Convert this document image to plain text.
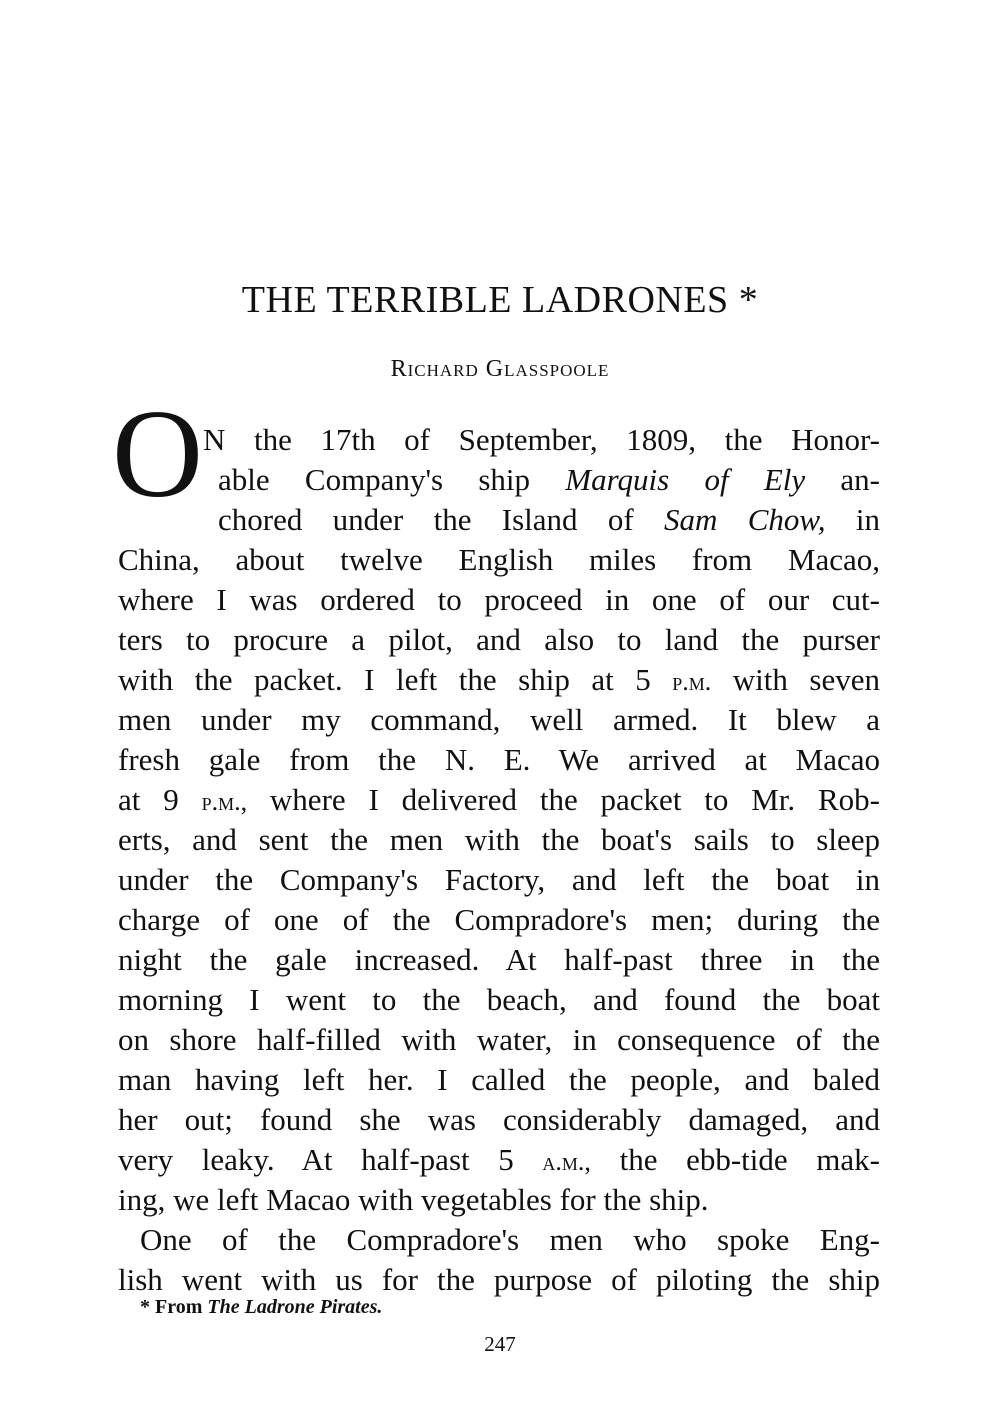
THE TERRIBLE LADRONES *
Richard Glasspoole
O N the 17th of September, 1809, the Honor-
able Company's ship Marquis of Ely an-
chored under the Island of Sam Chow, in
China, about twelve English miles from Macao,
where I was ordered to proceed in one of our cut-
ters to procure a pilot, and also to land the purser
with the packet. I left the ship at 5 p.m. with seven
men under my command, well armed. It blew a
fresh gale from the N. E. We arrived at Macao
at 9 p.m., where I delivered the packet to Mr. Rob-
erts, and sent the men with the boat's sails to sleep
under the Company's Factory, and left the boat in
charge of one of the Compradore's men; during the
night the gale increased. At half-past three in the
morning I went to the beach, and found the boat
on shore half-filled with water, in consequence of the
man having left her. I called the people, and baled
her out; found she was considerably damaged, and
very leaky. At half-past 5 a.m., the ebb-tide mak-
ing, we left Macao with vegetables for the ship.
One of the Compradore's men who spoke Eng-
lish went with us for the purpose of piloting the ship
* From The Ladrone Pirates.
247
